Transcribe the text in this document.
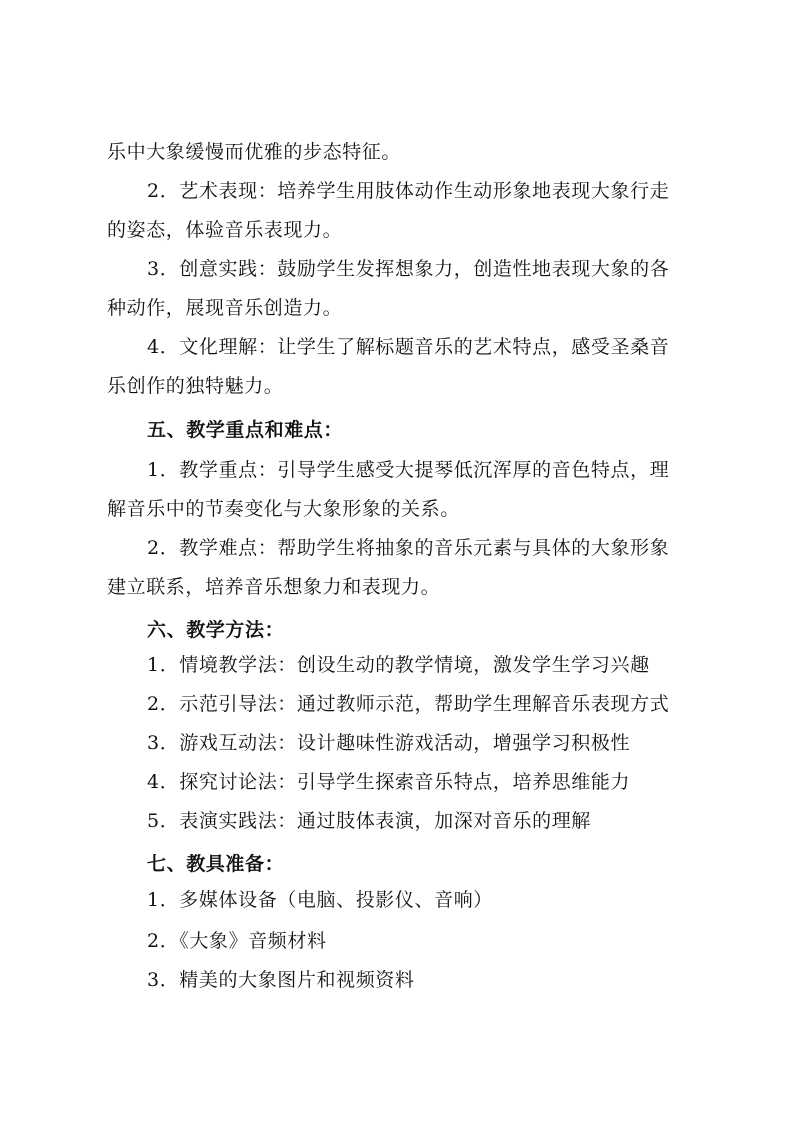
乐中大象缓慢而优雅的步态特征。
2．艺术表现：培养学生用肢体动作生动形象地表现大象行走
的姿态，体验音乐表现力。
3．创意实践：鼓励学生发挥想象力，创造性地表现大象的各
种动作，展现音乐创造力。
4．文化理解：让学生了解标题音乐的艺术特点，感受圣桑音
乐创作的独特魅力。
五、教学重点和难点：
1．教学重点：引导学生感受大提琴低沉浑厚的音色特点，理
解音乐中的节奏变化与大象形象的关系。
2．教学难点：帮助学生将抽象的音乐元素与具体的大象形象
建立联系，培养音乐想象力和表现力。
六、教学方法：
1．情境教学法：创设生动的教学情境，激发学生学习兴趣
2．示范引导法：通过教师示范，帮助学生理解音乐表现方式
3．游戏互动法：设计趣味性游戏活动，增强学习积极性
4．探究讨论法：引导学生探索音乐特点，培养思维能力
5．表演实践法：通过肢体表演，加深对音乐的理解
七、教具准备：
1．多媒体设备（电脑、投影仪、音响）
2．《大象》音频材料
3．精美的大象图片和视频资料
